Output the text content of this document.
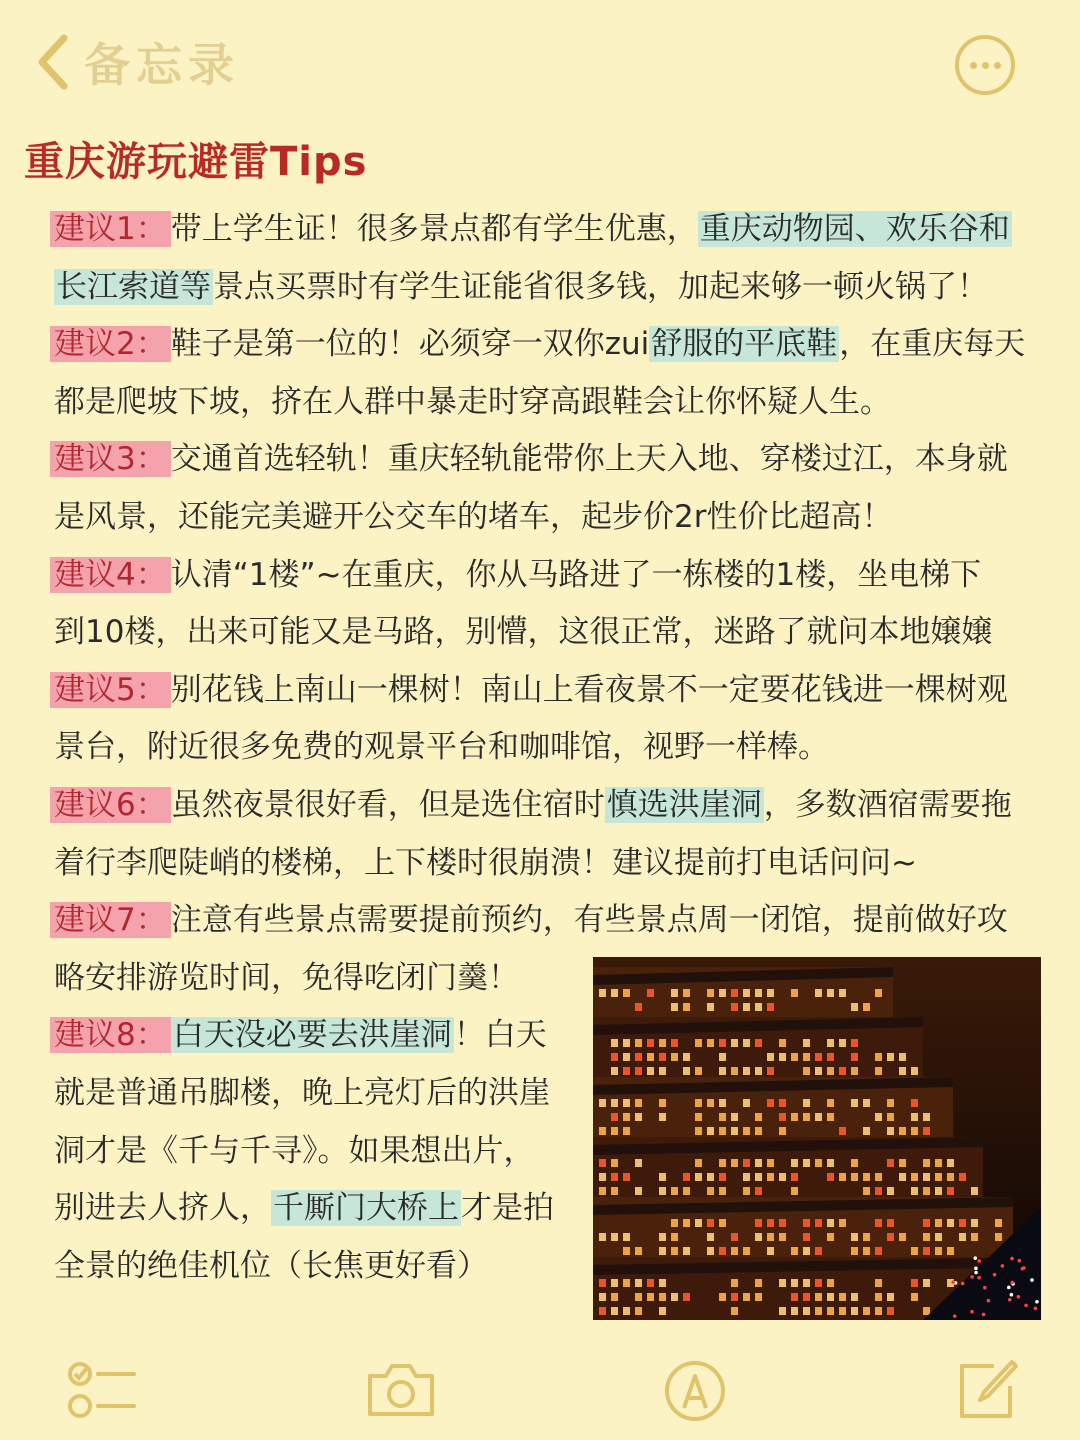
备忘录
重庆游玩避雷Tips
建议1： 带上学生证！很多景点都有学生优惠，重庆动物园、欢乐谷和
长江索道等景点买票时有学生证能省很多钱，加起来够一顿火锅了！
建议2： 鞋子是第一位的！必须穿一双你zui舒服的平底鞋，在重庆每天
都是爬坡下坡，挤在人群中暴走时穿高跟鞋会让你怀疑人生。
建议3： 交通首选轻轨！重庆轻轨能带你上天入地、穿楼过江，本身就
是风景，还能完美避开公交车的堵车，起步价2r性价比超高！
建议4： 认清“1楼”~在重庆，你从马路进了一栋楼的1楼，坐电梯下
到10楼，出来可能又是马路，别懵，这很正常，迷路了就问本地嬢嬢
建议5： 别花钱上南山一棵树！南山上看夜景不一定要花钱进一棵树观
景台，附近很多免费的观景平台和咖啡馆，视野一样棒。
建议6： 虽然夜景很好看，但是选住宿时慎选洪崖洞，多数酒宿需要拖
着行李爬陡峭的楼梯，上下楼时很崩溃！建议提前打电话问问~
建议7： 注意有些景点需要提前预约，有些景点周一闭馆，提前做好攻
略安排游览时间，免得吃闭门羹！
建议8： 白天没必要去洪崖洞！白天
就是普通吊脚楼，晚上亮灯后的洪崖
洞才是《千与千寻》。如果想出片，
别进去人挤人，千厮门大桥上才是拍
全景的绝佳机位（长焦更好看）
